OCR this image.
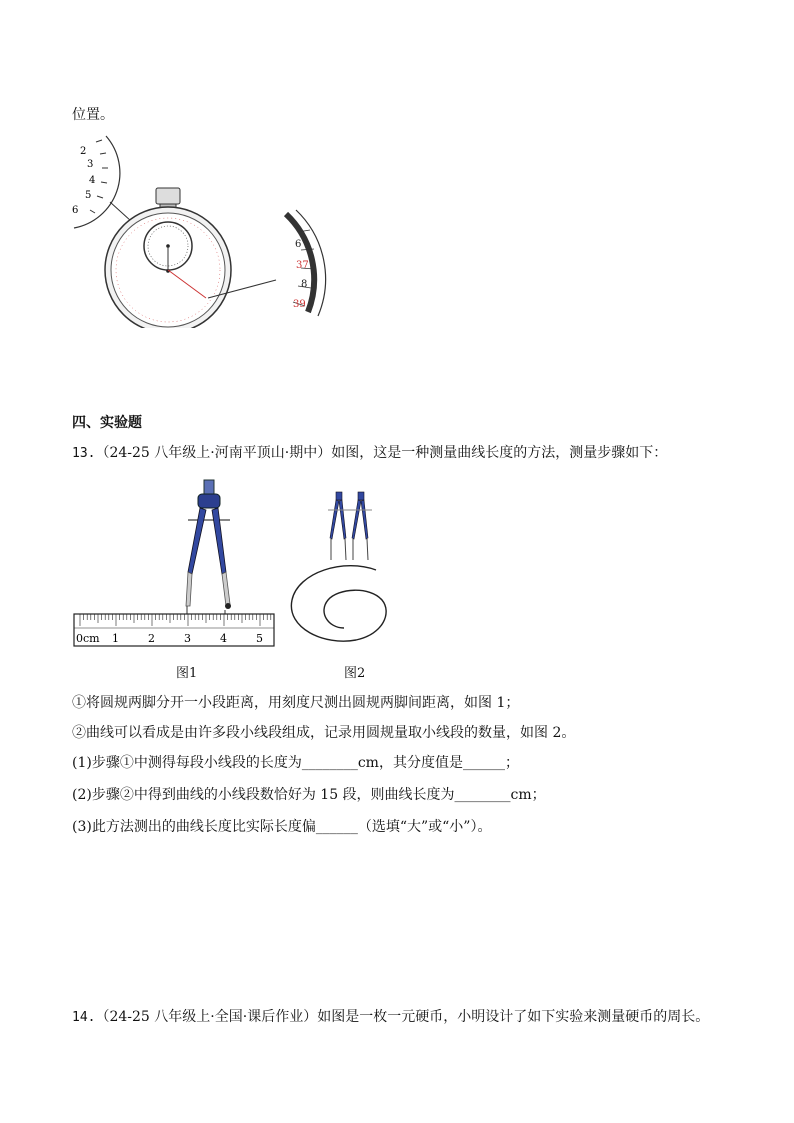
位置。
2
3
4
5
6
6
37
8
39
四、实验题
13.（24-25 八年级上·河南平顶山·期中）如图，这是一种测量曲线长度的方法，测量步骤如下：
0cm 1	2	3	4	5
图1	图2
①将圆规两脚分开一小段距离，用刻度尺测出圆规两脚间距离，如图 1；
②曲线可以看成是由许多段小线段组成，记录用圆规量取小线段的数量，如图 2。
(1)步骤①中测得每段小线段的长度为________cm，其分度值是______；
(2)步骤②中得到曲线的小线段数恰好为 15 段，则曲线长度为________cm；
(3)此方法测出的曲线长度比实际长度偏______（选填“大”或“小”）。
14.（24-25 八年级上·全国·课后作业）如图是一枚一元硬币，小明设计了如下实验来测量硬币的周长。
